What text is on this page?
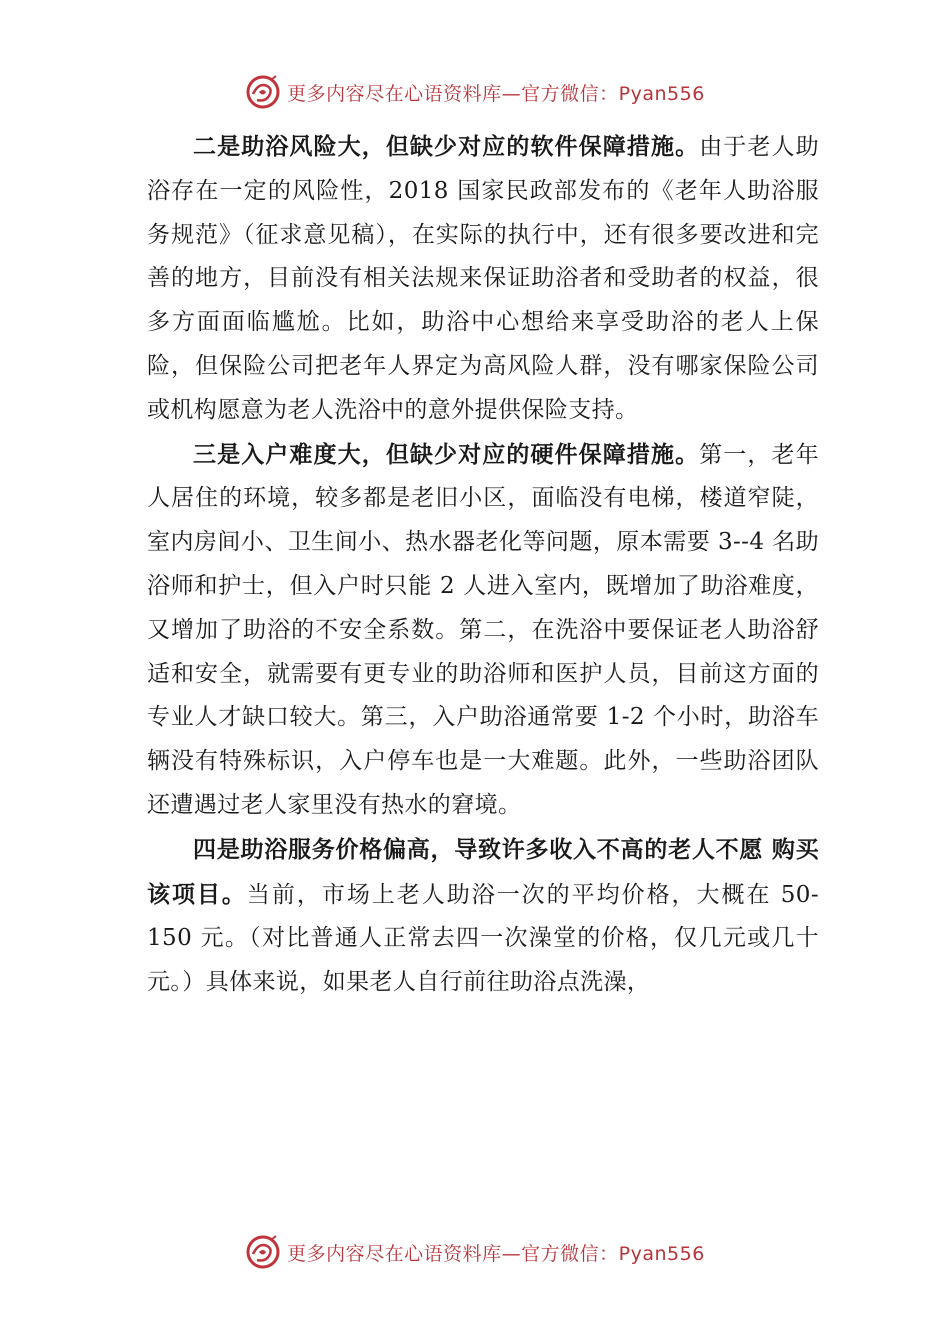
更多内容尽在心语资料库—官方微信：Pyan556

二是助浴风险大，但缺少对应的软件保障措施。由于老人助浴存在一定的风险性，2018 国家民政部发布的《老年人助浴服务规范》（征求意见稿），在实际的执行中，还有很多要改进和完善的地方，目前没有相关法规来保证助浴者和受助者的权益，很多方面面临尴尬。比如，助浴中心想给来享受助浴的老人上保险，但保险公司把老年人界定为高风险人群，没有哪家保险公司或机构愿意为老人洗浴中的意外提供保险支持。

三是入户难度大，但缺少对应的硬件保障措施。第一，老年人居住的环境，较多都是老旧小区，面临没有电梯，楼道窄陡，室内房间小、卫生间小、热水器老化等问题，原本需要 3--4 名助浴师和护士，但入户时只能 2 人进入室内，既增加了助浴难度，又增加了助浴的不安全系数。第二，在洗浴中要保证老人助浴舒适和安全，就需要有更专业的助浴师和医护人员，目前这方面的专业人才缺口较大。第三，入户助浴通常要 1-2 个小时，助浴车辆没有特殊标识，入户停车也是一大难题。此外，一些助浴团队还遭遇过老人家里没有热水的窘境。

四是助浴服务价格偏高，导致许多收入不高的老人不愿 购买该项目。当前，市场上老人助浴一次的平均价格，大概在 50-150 元。（对比普通人正常去四一次澡堂的价格，仅几元或几十元。）具体来说，如果老人自行前往助浴点洗澡，

更多内容尽在心语资料库—官方微信：Pyan556
